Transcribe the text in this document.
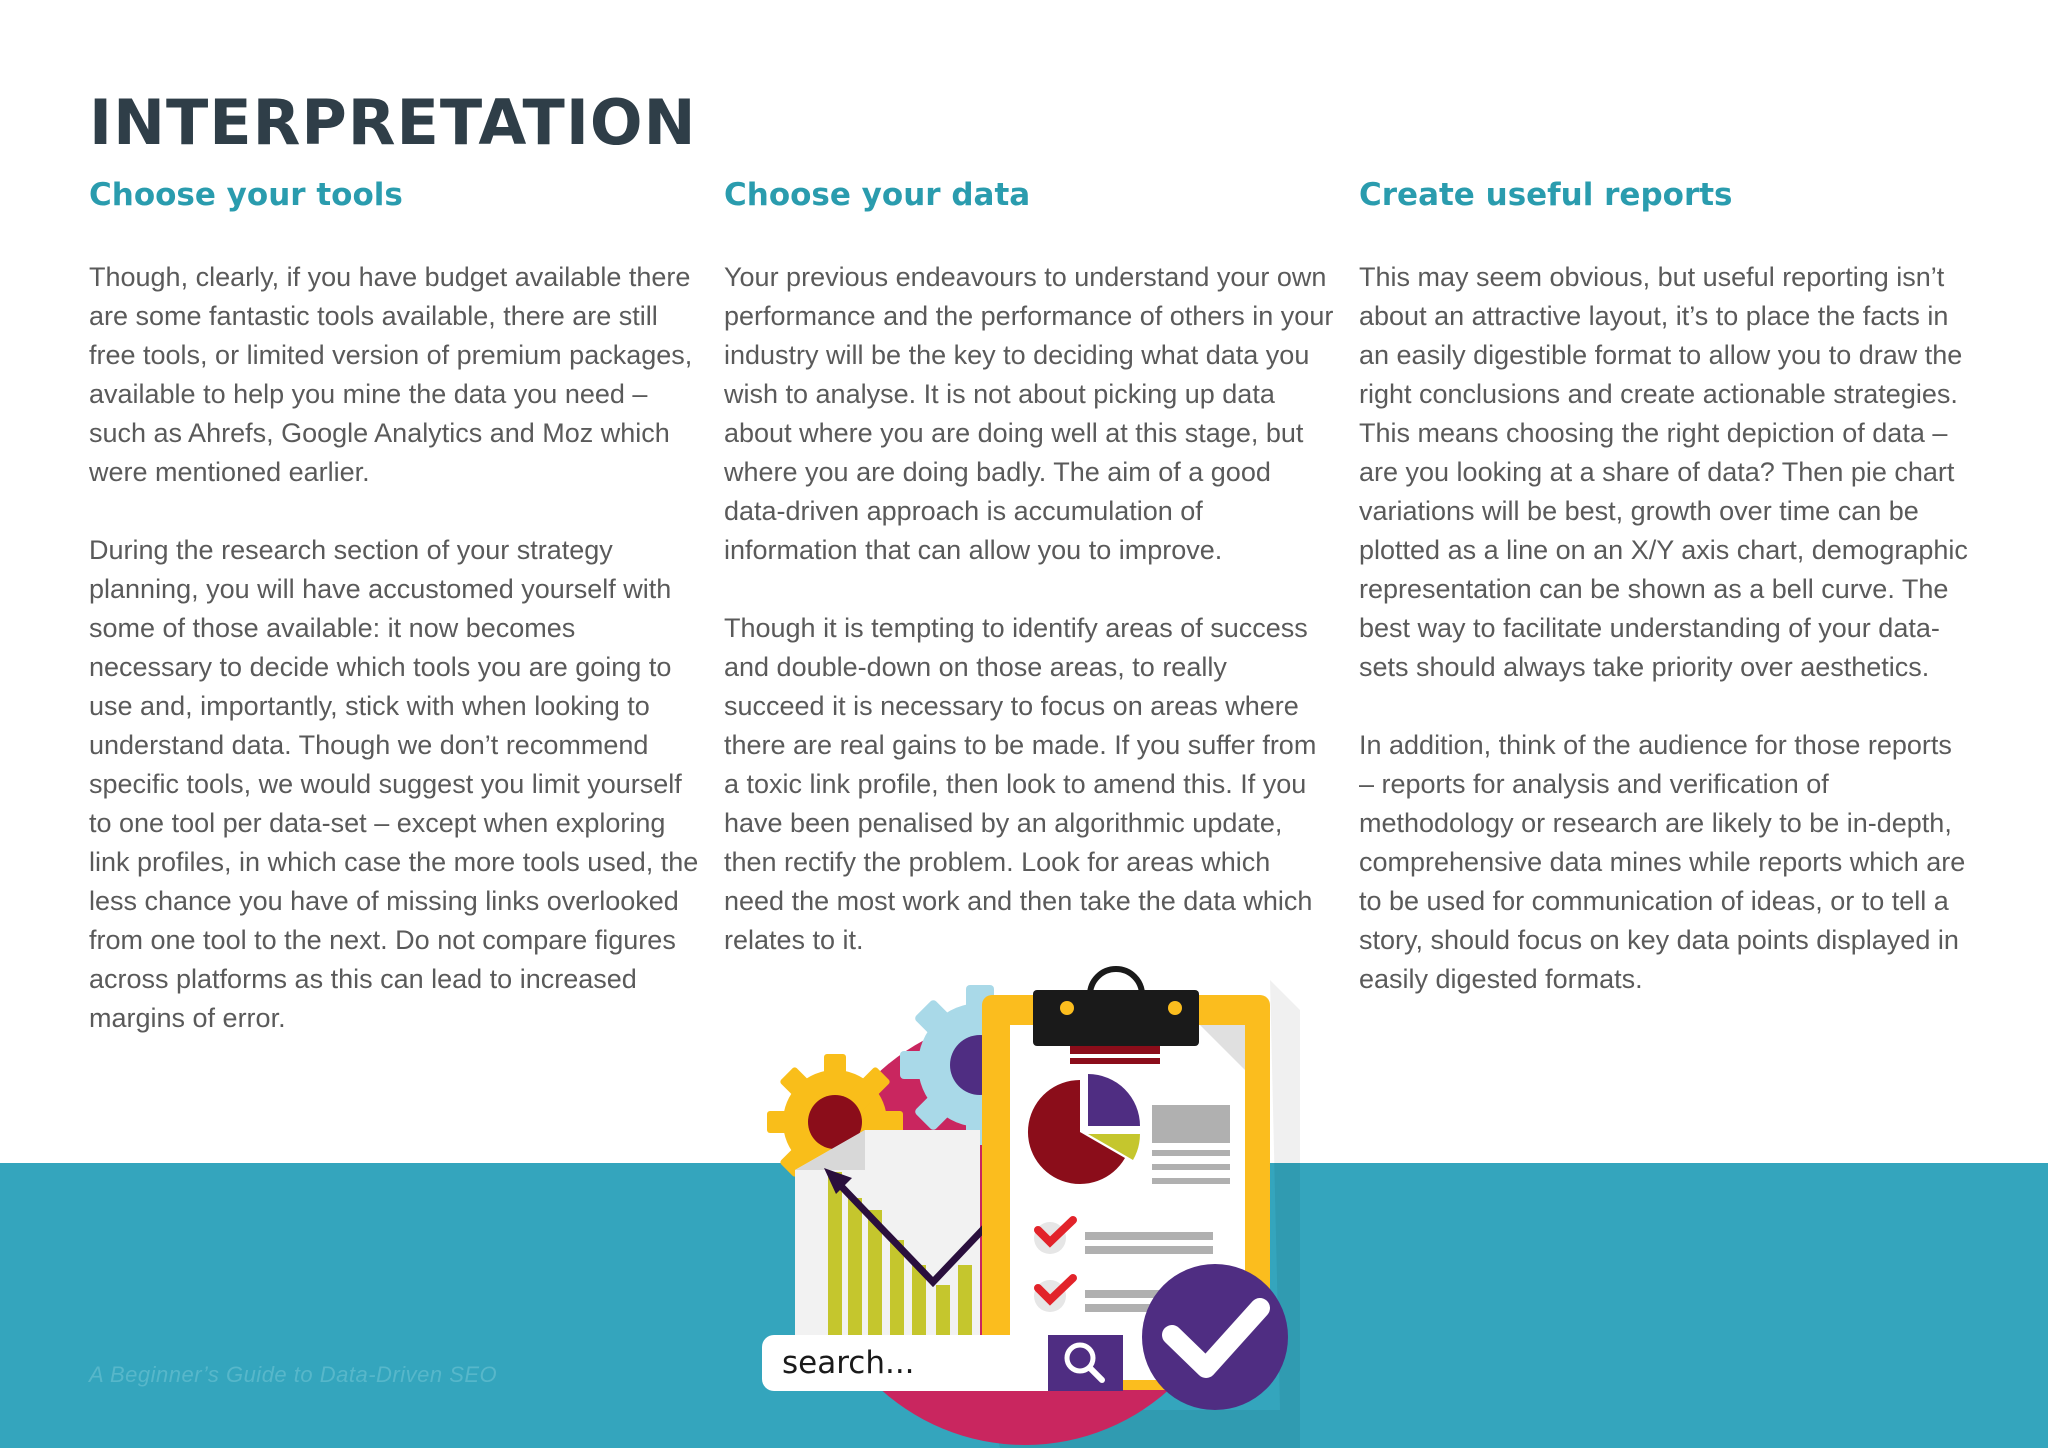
INTERPRETATION
Choose your tools

Though, clearly, if you have budget available there are some fantastic tools available, there are still free tools, or limited version of premium packages, available to help you mine the data you need – such as Ahrefs, Google Analytics and Moz which were mentioned earlier.

During the research section of your strategy planning, you will have accustomed yourself with some of those available: it now becomes necessary to decide which tools you are going to use and, importantly, stick with when looking to understand data. Though we don’t recommend specific tools, we would suggest you limit yourself to one tool per data-set – except when exploring link profiles, in which case the more tools used, the less chance you have of missing links overlooked from one tool to the next. Do not compare figures across platforms as this can lead to increased margins of error.

Choose your data

Your previous endeavours to understand your own performance and the performance of others in your industry will be the key to deciding what data you wish to analyse. It is not about picking up data about where you are doing well at this stage, but where you are doing badly. The aim of a good data-driven approach is accumulation of information that can allow you to improve.

Though it is tempting to identify areas of success and double-down on those areas, to really succeed it is necessary to focus on areas where there are real gains to be made. If you suffer from a toxic link profile, then look to amend this. If you have been penalised by an algorithmic update, then rectify the problem. Look for areas which need the most work and then take the data which relates to it.

Create useful reports

This may seem obvious, but useful reporting isn’t about an attractive layout, it’s to place the facts in an easily digestible format to allow you to draw the right conclusions and create actionable strategies. This means choosing the right depiction of data – are you looking at a share of data? Then pie chart variations will be best, growth over time can be plotted as a line on an X/Y axis chart, demographic representation can be shown as a bell curve. The best way to facilitate understanding of your data-sets should always take priority over aesthetics.

In addition, think of the audience for those reports – reports for analysis and verification of methodology or research are likely to be in-depth, comprehensive data mines while reports which are to be used for communication of ideas, or to tell a story, should focus on key data points displayed in easily digested formats.

A Beginner’s Guide to Data-Driven SEO	search...
